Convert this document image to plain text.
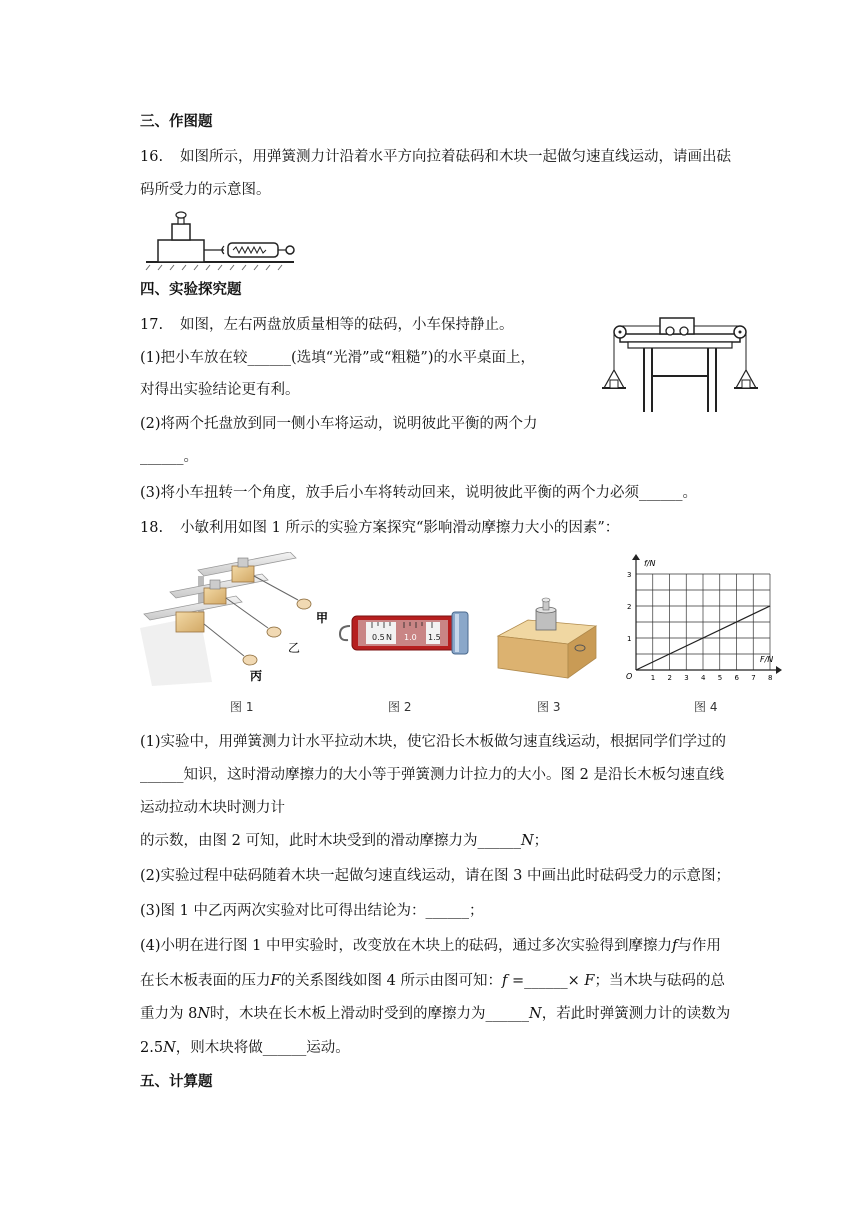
三、作图题
16. 如图所示，用弹簧测力计沿着水平方向拉着砝码和木块一起做匀速直线运动，请画出砝
码所受力的示意图。
四、实验探究题
17. 如图，左右两盘放质量相等的砝码，小车保持静止。
(1)把小车放在较______(选填“光滑”或“粗糙”)的水平桌面上，
对得出实验结论更有利。
(2)将两个托盘放到同一侧小车将运动，说明彼此平衡的两个力
______。
(3)将小车扭转一个角度，放手后小车将转动回来，说明彼此平衡的两个力必须______。
18. 小敏利用如图 1 所示的实验方案探究“影响滑动摩擦力大小的因素”：
甲
乙
丙
0.5 N 1.0 1.5
f/N
F/N
O	1 2 3 4 5 6 7 8
1
2
3
图 1	图 2	图 3	图 4
(1)实验中，用弹簧测力计水平拉动木块，使它沿长木板做匀速直线运动，根据同学们学过的
______知识，这时滑动摩擦力的大小等于弹簧测力计拉力的大小。图 2 是沿长木板匀速直线
运动拉动木块时测力计
的示数，由图 2 可知，此时木块受到的滑动摩擦力为______N；
(2)实验过程中砝码随着木块一起做匀速直线运动，请在图 3 中画出此时砝码受力的示意图；
(3)图 1 中乙丙两次实验对比可得出结论为：______；
(4)小明在进行图 1 中甲实验时，改变放在木块上的砝码，通过多次实验得到摩擦力f与作用
在长木板表面的压力F的关系图线如图 4 所示由图可知：f =______× F；当木块与砝码的总
重力为 8N时，木块在长木板上滑动时受到的摩擦力为______N，若此时弹簧测力计的读数为
2.5N，则木块将做______运动。
五、计算题
